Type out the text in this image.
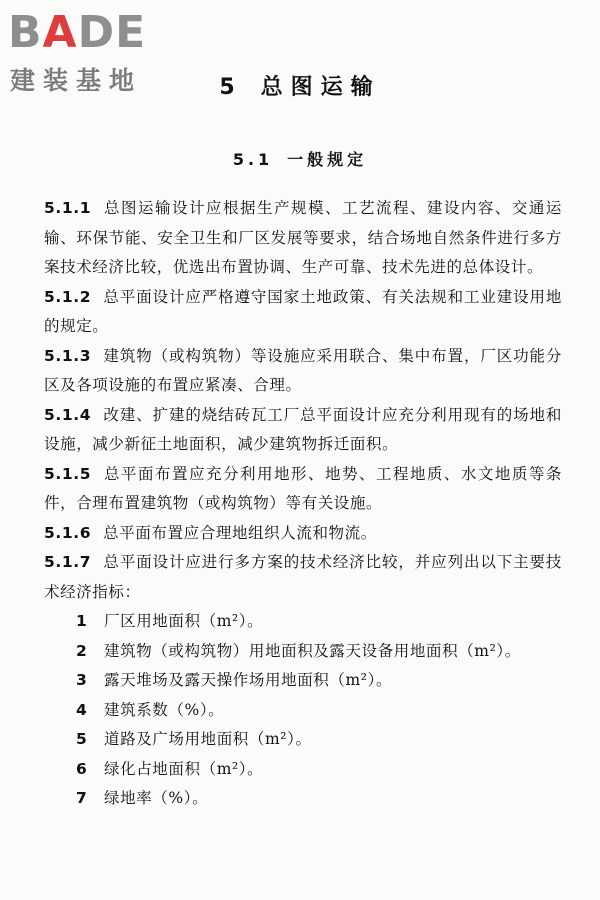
BADE
建装基地	5 总图运输
5.1 一般规定

5.1.1 总图运输设计应根据生产规模、工艺流程、建设内容、交通运输、环保节能、安全卫生和厂区发展等要求，结合场地自然条件进行多方案技术经济比较，优选出布置协调、生产可靠、技术先进的总体设计。

5.1.2 总平面设计应严格遵守国家土地政策、有关法规和工业建设用地的规定。

5.1.3 建筑物（或构筑物）等设施应采用联合、集中布置，厂区功能分区及各项设施的布置应紧凑、合理。

5.1.4 改建、扩建的烧结砖瓦工厂总平面设计应充分利用现有的场地和设施，减少新征土地面积，减少建筑物拆迁面积。

5.1.5 总平面布置应充分利用地形、地势、工程地质、水文地质等条件，合理布置建筑物（或构筑物）等有关设施。

5.1.6 总平面布置应合理地组织人流和物流。

5.1.7 总平面设计应进行多方案的技术经济比较，并应列出以下主要技术经济指标：

1 厂区用地面积（m²）。
2 建筑物（或构筑物）用地面积及露天设备用地面积（m²）。
3 露天堆场及露天操作场用地面积（m²）。
4 建筑系数（%）。
5 道路及广场用地面积（m²）。
6 绿化占地面积（m²）。
7 绿地率（%）。
